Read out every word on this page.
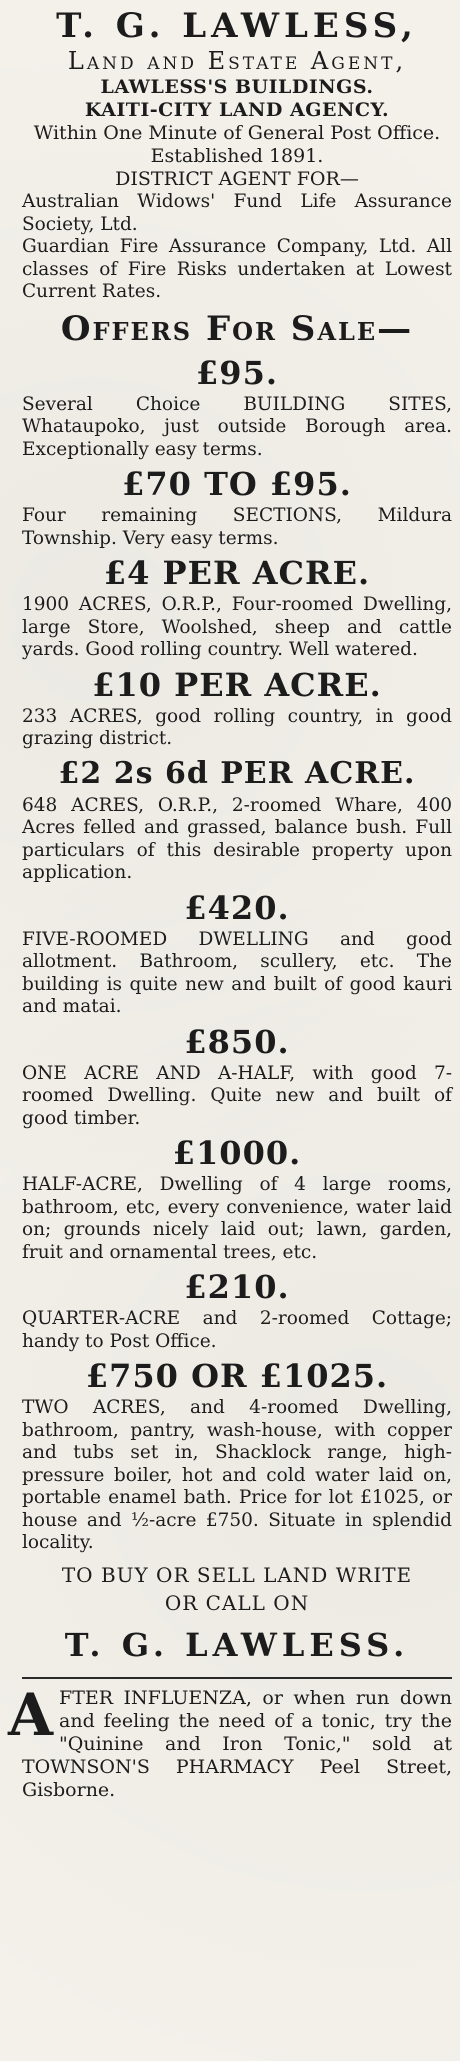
T. G. LAWLESS,

Land and Estate Agent,

LAWLESS'S BUILDINGS.

KAITI-CITY LAND AGENCY.

Within One Minute of General Post Office.

Established 1891.

DISTRICT AGENT FOR—

Australian Widows' Fund Life Assurance Society, Ltd.

Guardian Fire Assurance Company, Ltd. All classes of Fire Risks undertaken at Lowest Current Rates.

Offers For Sale—

£95.

Several Choice BUILDING SITES, Whataupoko, just outside Borough area. Exceptionally easy terms.

£70 TO £95.

Four remaining SECTIONS, Mildura Township. Very easy terms.

£4 PER ACRE.

1900 ACRES, O.R.P., Four-roomed Dwelling, large Store, Woolshed, sheep and cattle yards. Good rolling country. Well watered.

£10 PER ACRE.

233 ACRES, good rolling country, in good grazing district.

£2 2s 6d PER ACRE.

648 ACRES, O.R.P., 2-roomed Whare, 400 Acres felled and grassed, balance bush. Full particulars of this desirable property upon application.

£420.

FIVE-ROOMED DWELLING and good allotment. Bathroom, scullery, etc. The building is quite new and built of good kauri and matai.

£850.

ONE ACRE AND A-HALF, with good 7-roomed Dwelling. Quite new and built of good timber.

£1000.

HALF-ACRE, Dwelling of 4 large rooms, bathroom, etc, every convenience, water laid on; grounds nicely laid out; lawn, garden, fruit and ornamental trees, etc.

£210.

QUARTER-ACRE and 2-roomed Cottage; handy to Post Office.

£750 OR £1025.

TWO ACRES, and 4-roomed Dwelling, bathroom, pantry, wash-house, with copper and tubs set in, Shacklock range, high-pressure boiler, hot and cold water laid on, portable enamel bath. Price for lot £1025, or house and ½-acre £750. Situate in splendid locality.

TO BUY OR SELL LAND WRITE

OR CALL ON

T. G. LAWLESS.

A FTER INFLUENZA, or when run down and feeling the need of a tonic, try the "Quinine and Iron Tonic," sold at TOWNSON'S PHARMACY Peel Street, Gisborne.
